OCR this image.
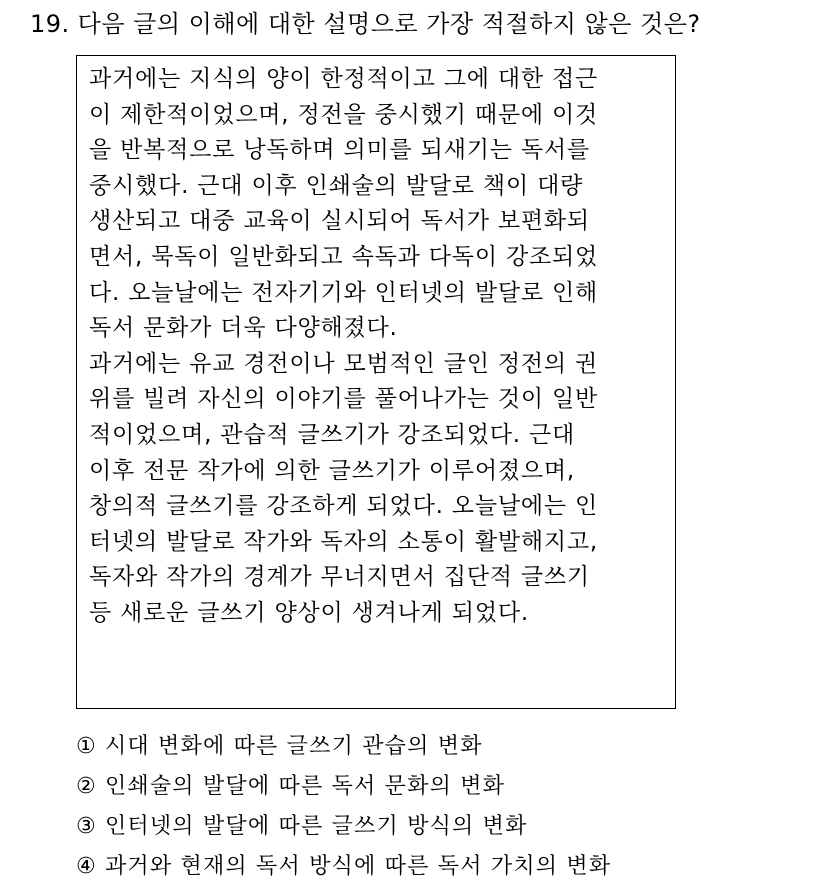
19. 다음 글의 이해에 대한 설명으로 가장 적절하지 않은 것은?
과거에는 지식의 양이 한정적이고 그에 대한 접근
이 제한적이었으며, 정전을 중시했기 때문에 이것
을 반복적으로 낭독하며 의미를 되새기는 독서를
중시했다. 근대 이후 인쇄술의 발달로 책이 대량
생산되고 대중 교육이 실시되어 독서가 보편화되
면서, 묵독이 일반화되고 속독과 다독이 강조되었
다. 오늘날에는 전자기기와 인터넷의 발달로 인해
독서 문화가 더욱 다양해졌다.
과거에는 유교 경전이나 모범적인 글인 정전의 권
위를 빌려 자신의 이야기를 풀어나가는 것이 일반
적이었으며, 관습적 글쓰기가 강조되었다. 근대
이후 전문 작가에 의한 글쓰기가 이루어졌으며,
창의적 글쓰기를 강조하게 되었다. 오늘날에는 인
터넷의 발달로 작가와 독자의 소통이 활발해지고,
독자와 작가의 경계가 무너지면서 집단적 글쓰기
등 새로운 글쓰기 양상이 생겨나게 되었다.
① 시대 변화에 따른 글쓰기 관습의 변화
② 인쇄술의 발달에 따른 독서 문화의 변화
③ 인터넷의 발달에 따른 글쓰기 방식의 변화
④ 과거와 현재의 독서 방식에 따른 독서 가치의 변화
